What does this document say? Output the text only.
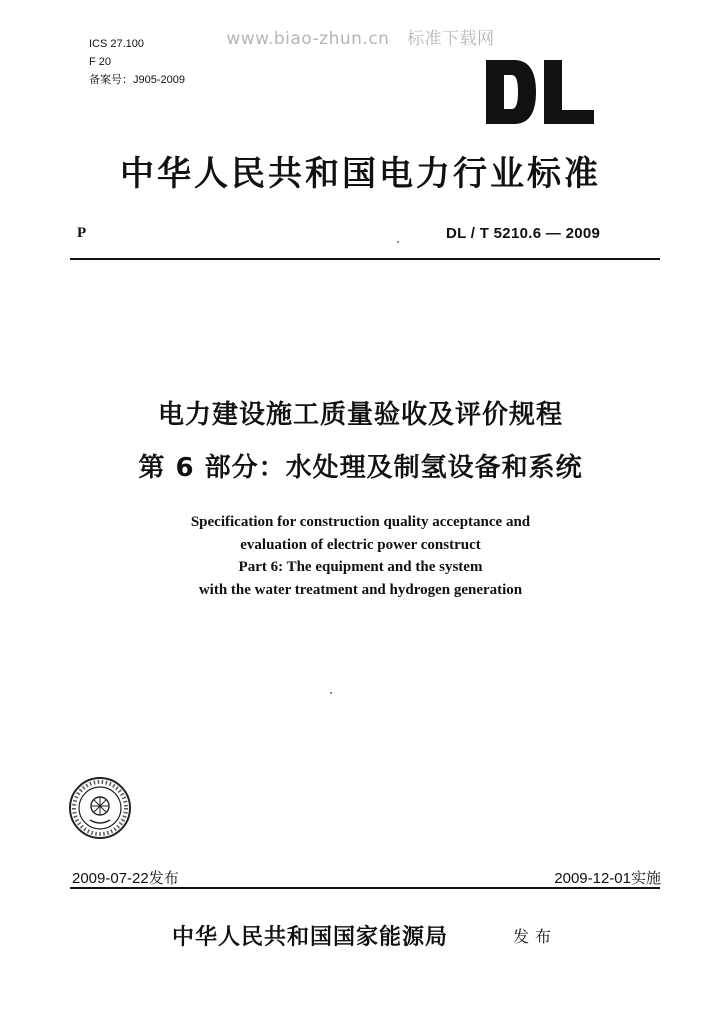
www.biao-zhun.cn   标准下载网
ICS 27.100
F 20
备案号：J905-2009
中华人民共和国电力行业标准
P	DL / T 5210.6 — 2009
电力建设施工质量验收及评价规程
第 6 部分：水处理及制氢设备和系统
Specification for construction quality acceptance and
evaluation of electric power construct
Part 6: The equipment and the system
with the water treatment and hydrogen generation
2009-07-22发布	2009-12-01实施
中华人民共和国国家能源局	发布
